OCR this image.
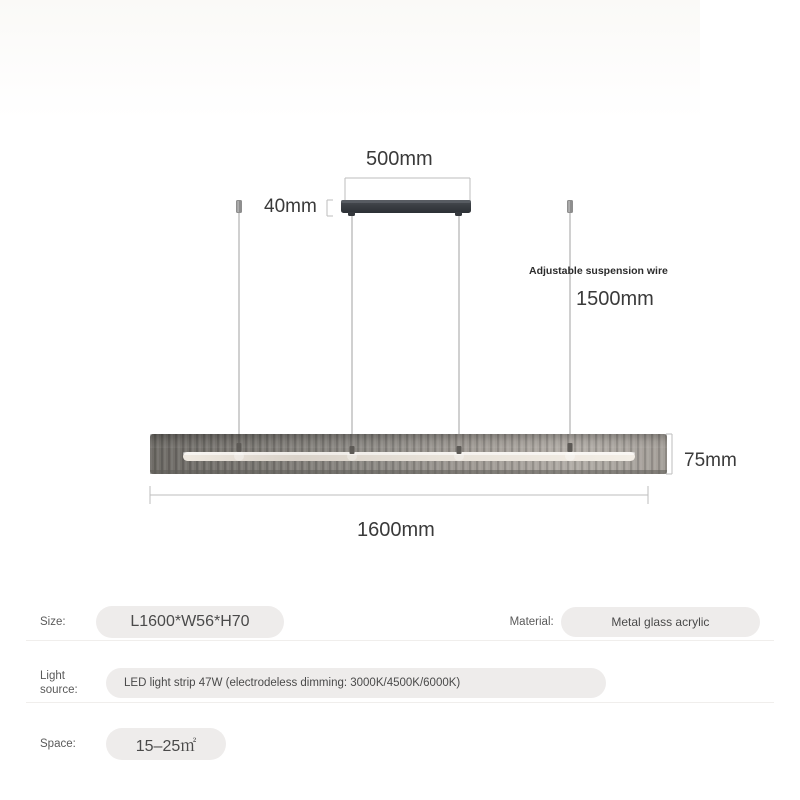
500mm
40mm
Adjustable suspension wire
1500mm
75mm
1600mm
Size:	L1600*W56*H70	Material:	Metal glass acrylic
Light
source:
LED light strip 47W (electrodeless dimming: 3000K/4500K/6000K)
Space:	15–25㎡
